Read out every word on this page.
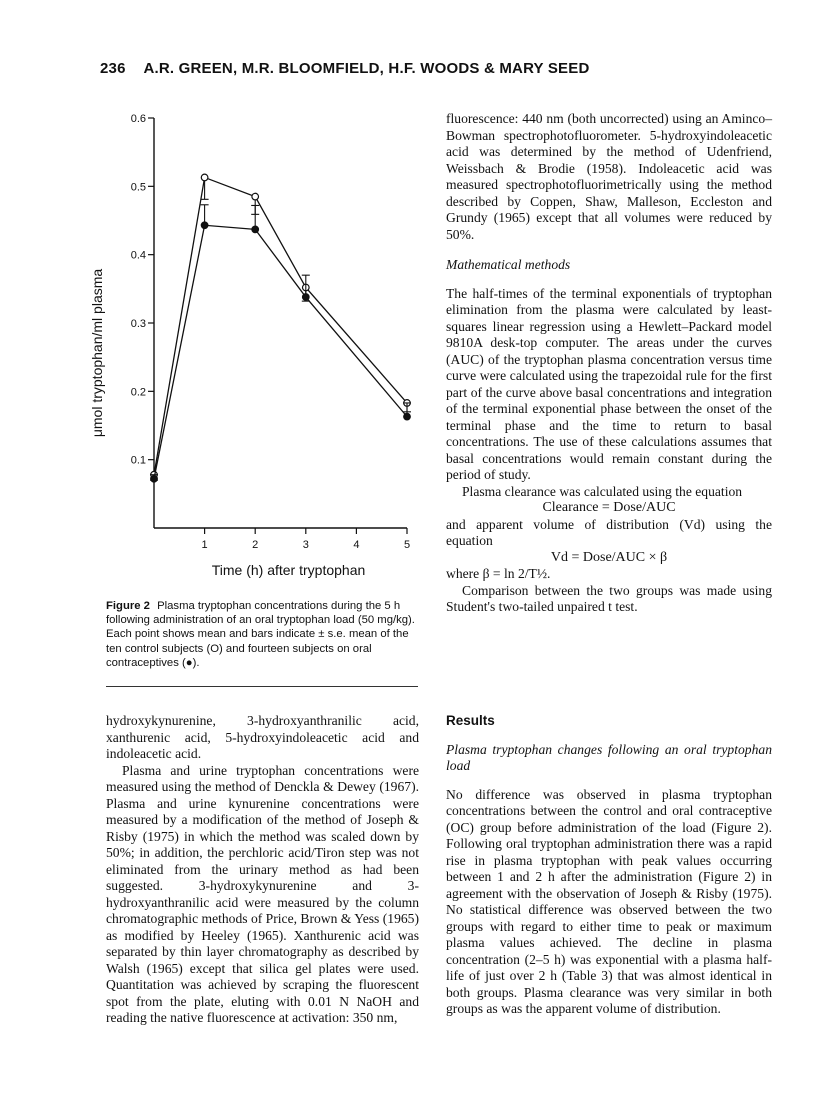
236 A.R. GREEN, M.R. BLOOMFIELD, H.F. WOODS & MARY SEED
0.1
0.2
0.3
0.4
0.5
0.6
1	2	3	4	5
Time (h) after tryptophan
μmol tryptophan/ml plasma
Figure 2 Plasma tryptophan concentrations during the 5 h following administration of an oral tryptophan load (50 mg/kg). Each point shows mean and bars indicate ± s.e. mean of the ten control subjects (O) and fourteen subjects on oral contraceptives (●).

hydroxykynurenine, 3-hydroxyanthranilic acid, xanthurenic acid, 5-hydroxyindoleacetic acid and indoleacetic acid.

Plasma and urine tryptophan concentrations were measured using the method of Denckla & Dewey (1967). Plasma and urine kynurenine concentrations were measured by a modification of the method of Joseph & Risby (1975) in which the method was scaled down by 50%; in addition, the perchloric acid/Tiron step was not eliminated from the urinary method as had been suggested. 3-hydroxykynurenine and 3-hydroxyanthranilic acid were measured by the column chromatographic methods of Price, Brown & Yess (1965) as modified by Heeley (1965). Xanthurenic acid was separated by thin layer chromatography as described by Walsh (1965) except that silica gel plates were used. Quantitation was achieved by scraping the fluorescent spot from the plate, eluting with 0.01 N NaOH and reading the native fluorescence at activation: 350 nm,

fluorescence: 440 nm (both uncorrected) using an Aminco–Bowman spectrophotofluorometer. 5-hydroxyindoleacetic acid was determined by the method of Udenfriend, Weissbach & Brodie (1958). Indoleacetic acid was measured spectrophotofluorimetrically using the method described by Coppen, Shaw, Malleson, Eccleston and Grundy (1965) except that all volumes were reduced by 50%.

Mathematical methods

The half-times of the terminal exponentials of tryptophan elimination from the plasma were calculated by least-squares linear regression using a Hewlett–Packard model 9810A desk-top computer. The areas under the curves (AUC) of the tryptophan plasma concentration versus time curve were calculated using the trapezoidal rule for the first part of the curve above basal concentrations and integration of the terminal exponential phase between the onset of the terminal phase and the time to return to basal concentrations. The use of these calculations assumes that basal concentrations would remain constant during the period of study.

Plasma clearance was calculated using the equation

Clearance = Dose/AUC

and apparent volume of distribution (Vd) using the equation

Vd = Dose/AUC × β

where β = ln 2/T½.

Comparison between the two groups was made using Student's two-tailed unpaired t test.

Results

Plasma tryptophan changes following an oral tryptophan load

No difference was observed in plasma tryptophan concentrations between the control and oral contraceptive (OC) group before administration of the load (Figure 2). Following oral tryptophan administration there was a rapid rise in plasma tryptophan with peak values occurring between 1 and 2 h after the administration (Figure 2) in agreement with the observation of Joseph & Risby (1975). No statistical difference was observed between the two groups with regard to either time to peak or maximum plasma values achieved. The decline in plasma concentration (2–5 h) was exponential with a plasma half-life of just over 2 h (Table 3) that was almost identical in both groups. Plasma clearance was very similar in both groups as was the apparent volume of distribution.
